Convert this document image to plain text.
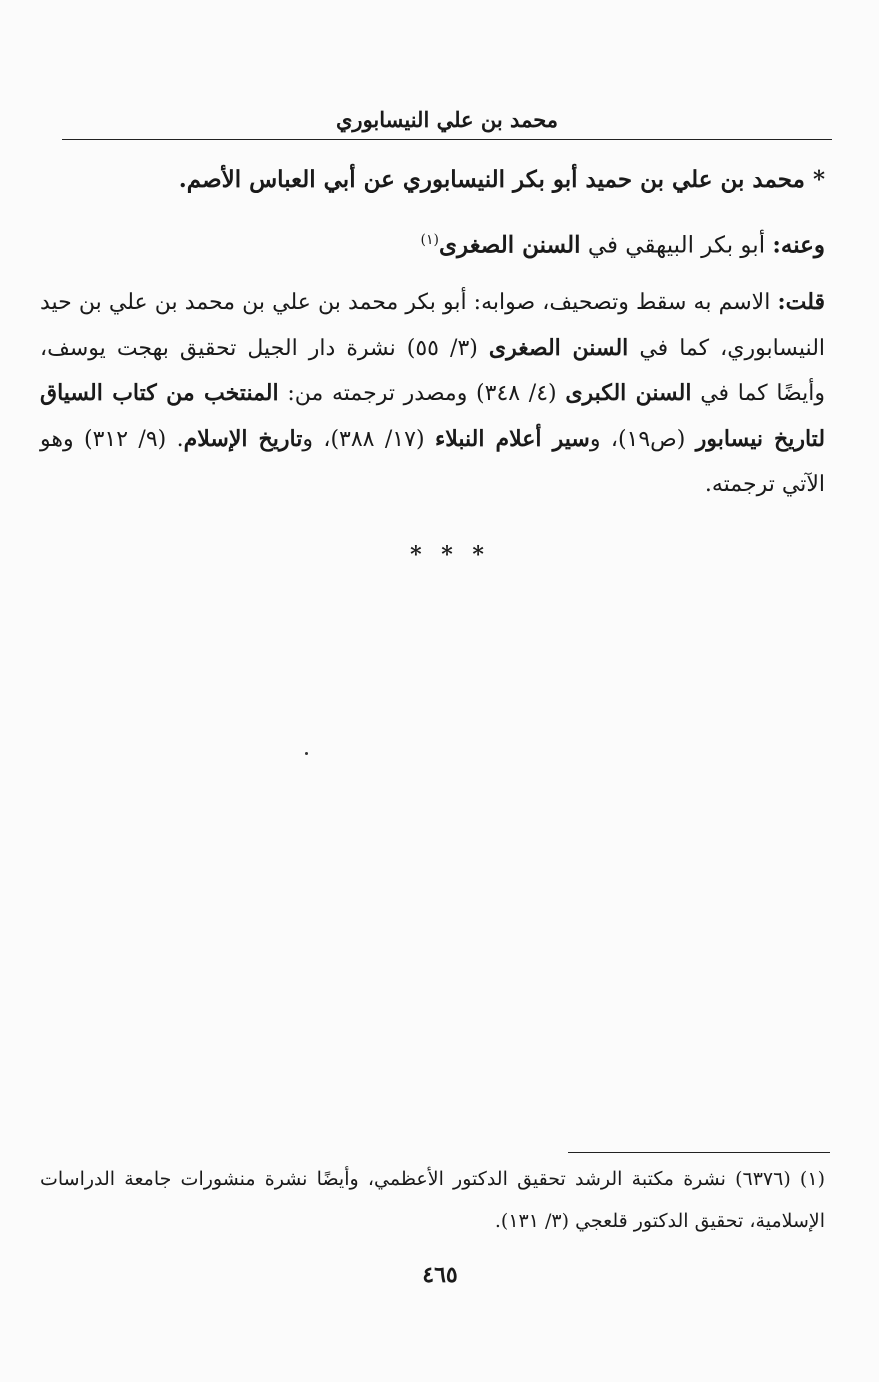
محمد بن علي النيسابوري
* محمد بن علي بن حميد أبو بكر النيسابوري عن أبي العباس الأصم.
وعنه: أبو بكر البيهقي في السنن الصغرى$^{(١)}$
قلت: الاسم به سقط وتصحيف، صوابه: أبو بكر محمد بن علي بن محمد بن علي بن حيد النيسابوري، كما في السنن الصغرى (٣/ ٥٥) نشرة دار الجيل تحقيق بهجت يوسف، وأيضًا كما في السنن الكبرى (٤/ ٣٤٨) ومصدر ترجمته من: المنتخب من كتاب السياق لتاريخ نيسابور (ص١٩)، وسير أعلام النبلاء (١٧/ ٣٨٨)، وتاريخ الإسلام. (٩/ ٣١٢) وهو الآتي ترجمته.
* * *
(١) (٦٣٧٦) نشرة مكتبة الرشد تحقيق الدكتور الأعظمي، وأيضًا نشرة منشورات جامعة الدراسات الإسلامية، تحقيق الدكتور قلعجي (٣/ ١٣١).
٤٦٥
